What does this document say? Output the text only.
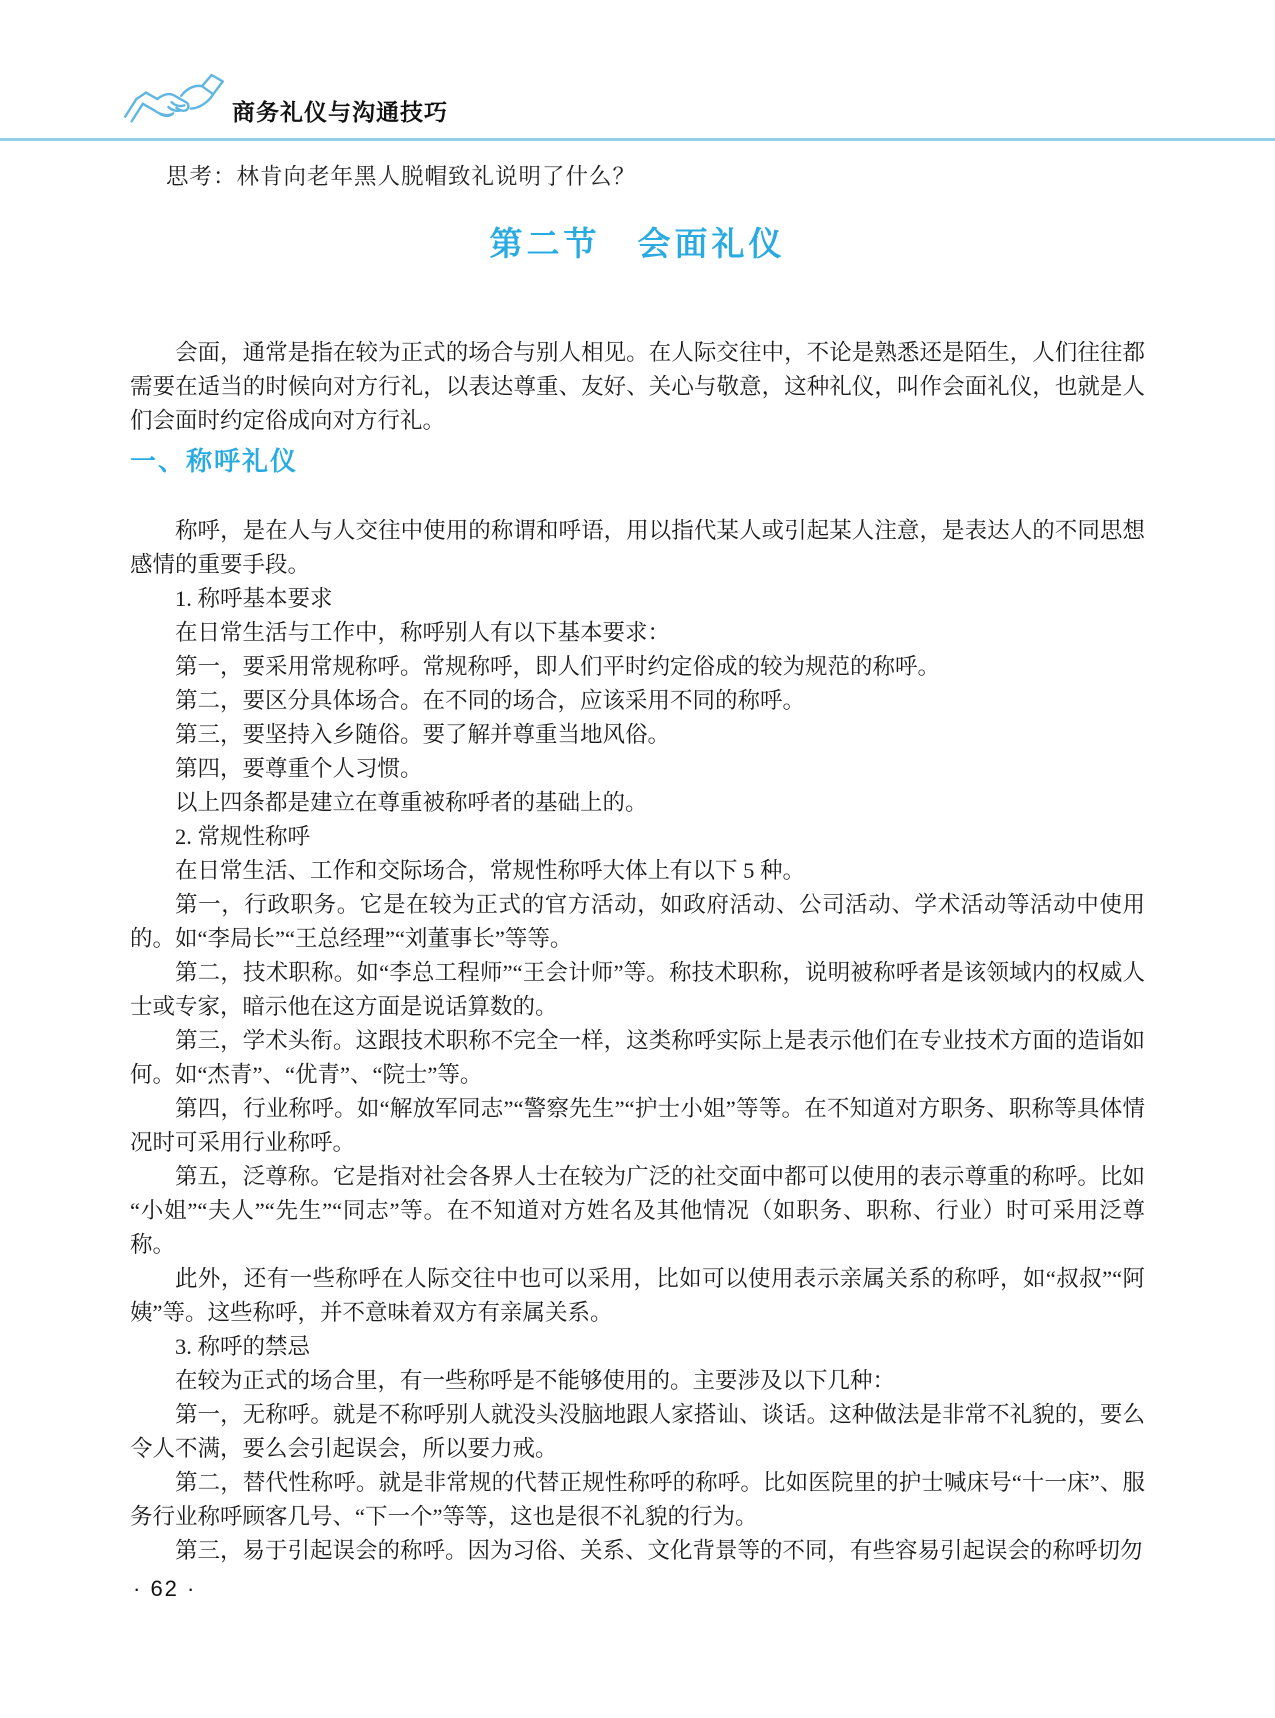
商务礼仪与沟通技巧
思考：林肯向老年黑人脱帽致礼说明了什么？
第二节　会面礼仪

会面，通常是指在较为正式的场合与别人相见。在人际交往中，不论是熟悉还是陌生，人们往往都需要在适当的时候向对方行礼，以表达尊重、友好、关心与敬意，这种礼仪，叫作会面礼仪，也就是人们会面时约定俗成向对方行礼。

一、称呼礼仪

称呼，是在人与人交往中使用的称谓和呼语，用以指代某人或引起某人注意，是表达人的不同思想感情的重要手段。

1. 称呼基本要求

在日常生活与工作中，称呼别人有以下基本要求：

第一，要采用常规称呼。常规称呼，即人们平时约定俗成的较为规范的称呼。

第二，要区分具体场合。在不同的场合，应该采用不同的称呼。

第三，要坚持入乡随俗。要了解并尊重当地风俗。

第四，要尊重个人习惯。

以上四条都是建立在尊重被称呼者的基础上的。

2. 常规性称呼

在日常生活、工作和交际场合，常规性称呼大体上有以下 5 种。

第一，行政职务。它是在较为正式的官方活动，如政府活动、公司活动、学术活动等活动中使用的。如“李局长”“王总经理”“刘董事长”等等。

第二，技术职称。如“李总工程师”“王会计师”等。称技术职称，说明被称呼者是该领域内的权威人士或专家，暗示他在这方面是说话算数的。

第三，学术头衔。这跟技术职称不完全一样，这类称呼实际上是表示他们在专业技术方面的造诣如何。如“杰青”、“优青”、“院士”等。

第四，行业称呼。如“解放军同志”“警察先生”“护士小姐”等等。在不知道对方职务、职称等具体情况时可采用行业称呼。

第五，泛尊称。它是指对社会各界人士在较为广泛的社交面中都可以使用的表示尊重的称呼。比如“小姐”“夫人”“先生”“同志”等。在不知道对方姓名及其他情况（如职务、职称、行业）时可采用泛尊称。

此外，还有一些称呼在人际交往中也可以采用，比如可以使用表示亲属关系的称呼，如“叔叔”“阿姨”等。这些称呼，并不意味着双方有亲属关系。

3. 称呼的禁忌

在较为正式的场合里，有一些称呼是不能够使用的。主要涉及以下几种：

第一，无称呼。就是不称呼别人就没头没脑地跟人家搭讪、谈话。这种做法是非常不礼貌的，要么令人不满，要么会引起误会，所以要力戒。

第二，替代性称呼。就是非常规的代替正规性称呼的称呼。比如医院里的护士喊床号“十一床”、服务行业称呼顾客几号、“下一个”等等，这也是很不礼貌的行为。

第三，易于引起误会的称呼。因为习俗、关系、文化背景等的不同，有些容易引起误会的称呼切勿

· 62 ·
